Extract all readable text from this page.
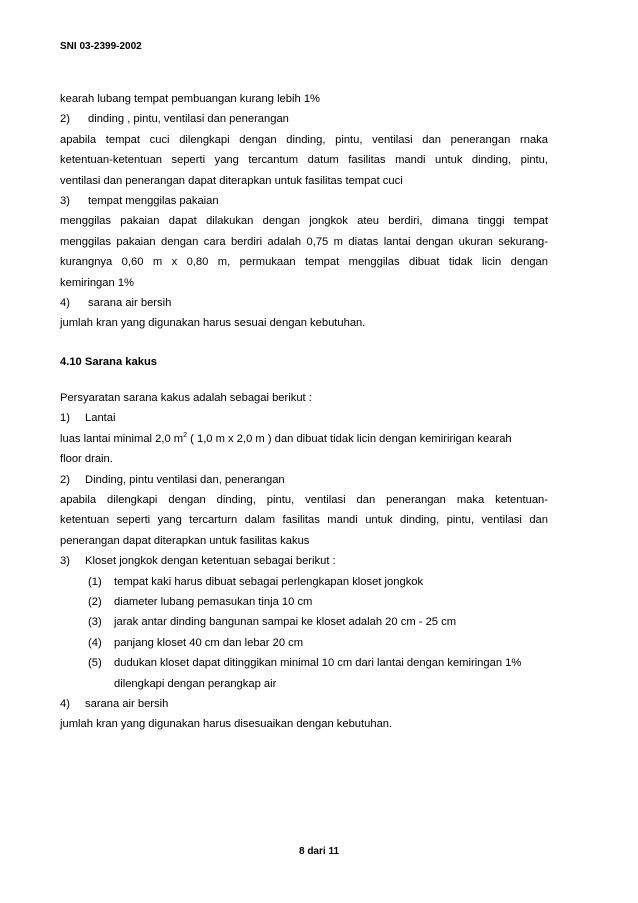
SNI 03-2399-2002
kearah lubang tempat pembuangan kurang lebih 1%
2) dinding , pintu, ventilasi dan penerangan
apabila tempat cuci dilengkapi dengan dinding, pintu, ventilasi dan penerangan rnaka
ketentuan-ketentuan seperti yang tercantum datum fasilitas mandi untuk dinding, pintu,
ventilasi dan penerangan dapat diterapkan untuk fasilitas tempat cuci
3) tempat menggilas pakaian
menggilas pakaian dapat dilakukan dengan jongkok ateu berdiri, dimana tinggi tempat
menggilas pakaian dengan cara berdiri adalah 0,75 m diatas lantai dengan ukuran sekurang-
kurangnya 0,60 m x 0,80 m, permukaan tempat menggilas dibuat tidak licin dengan
kemiringan 1%
4) sarana air bersih
jumlah kran yang digunakan harus sesuai dengan kebutuhan.
4.10 Sarana kakus
Persyaratan sarana kakus adalah sebagai berikut :
1) Lantai
luas lantai minimal 2,0 $m^2$ ( 1,0 m x 2,0 m ) dan dibuat tidak licin dengan kemiririgan kearah
floor drain.
2) Dinding, pintu ventilasi dan, penerangan
apabila dilengkapi dengan dinding, pintu, ventilasi dan penerangan maka ketentuan-
ketentuan seperti yang tercarturn dalam fasilitas mandi untuk dinding, pintu, ventilasi dan
penerangan dapat diterapkan untuk fasilitas kakus
3) Kloset jongkok dengan ketentuan sebagai berikut :
(1) tempat kaki harus dibuat sebagai perlengkapan kloset jongkok
(2) diameter lubang pemasukan tinja 10 cm
(3) jarak antar dinding bangunan sampai ke kloset adalah 20 cm - 25 cm
(4) panjang kloset 40 cm dan lebar 20 cm
(5) dudukan kloset dapat ditinggikan minimal 10 cm dari lantai dengan kemiringan 1%
dilengkapi dengan perangkap air
4) sarana air bersih
jumlah kran yang digunakan harus disesuaikan dengan kebutuhan.
8 dari 11
